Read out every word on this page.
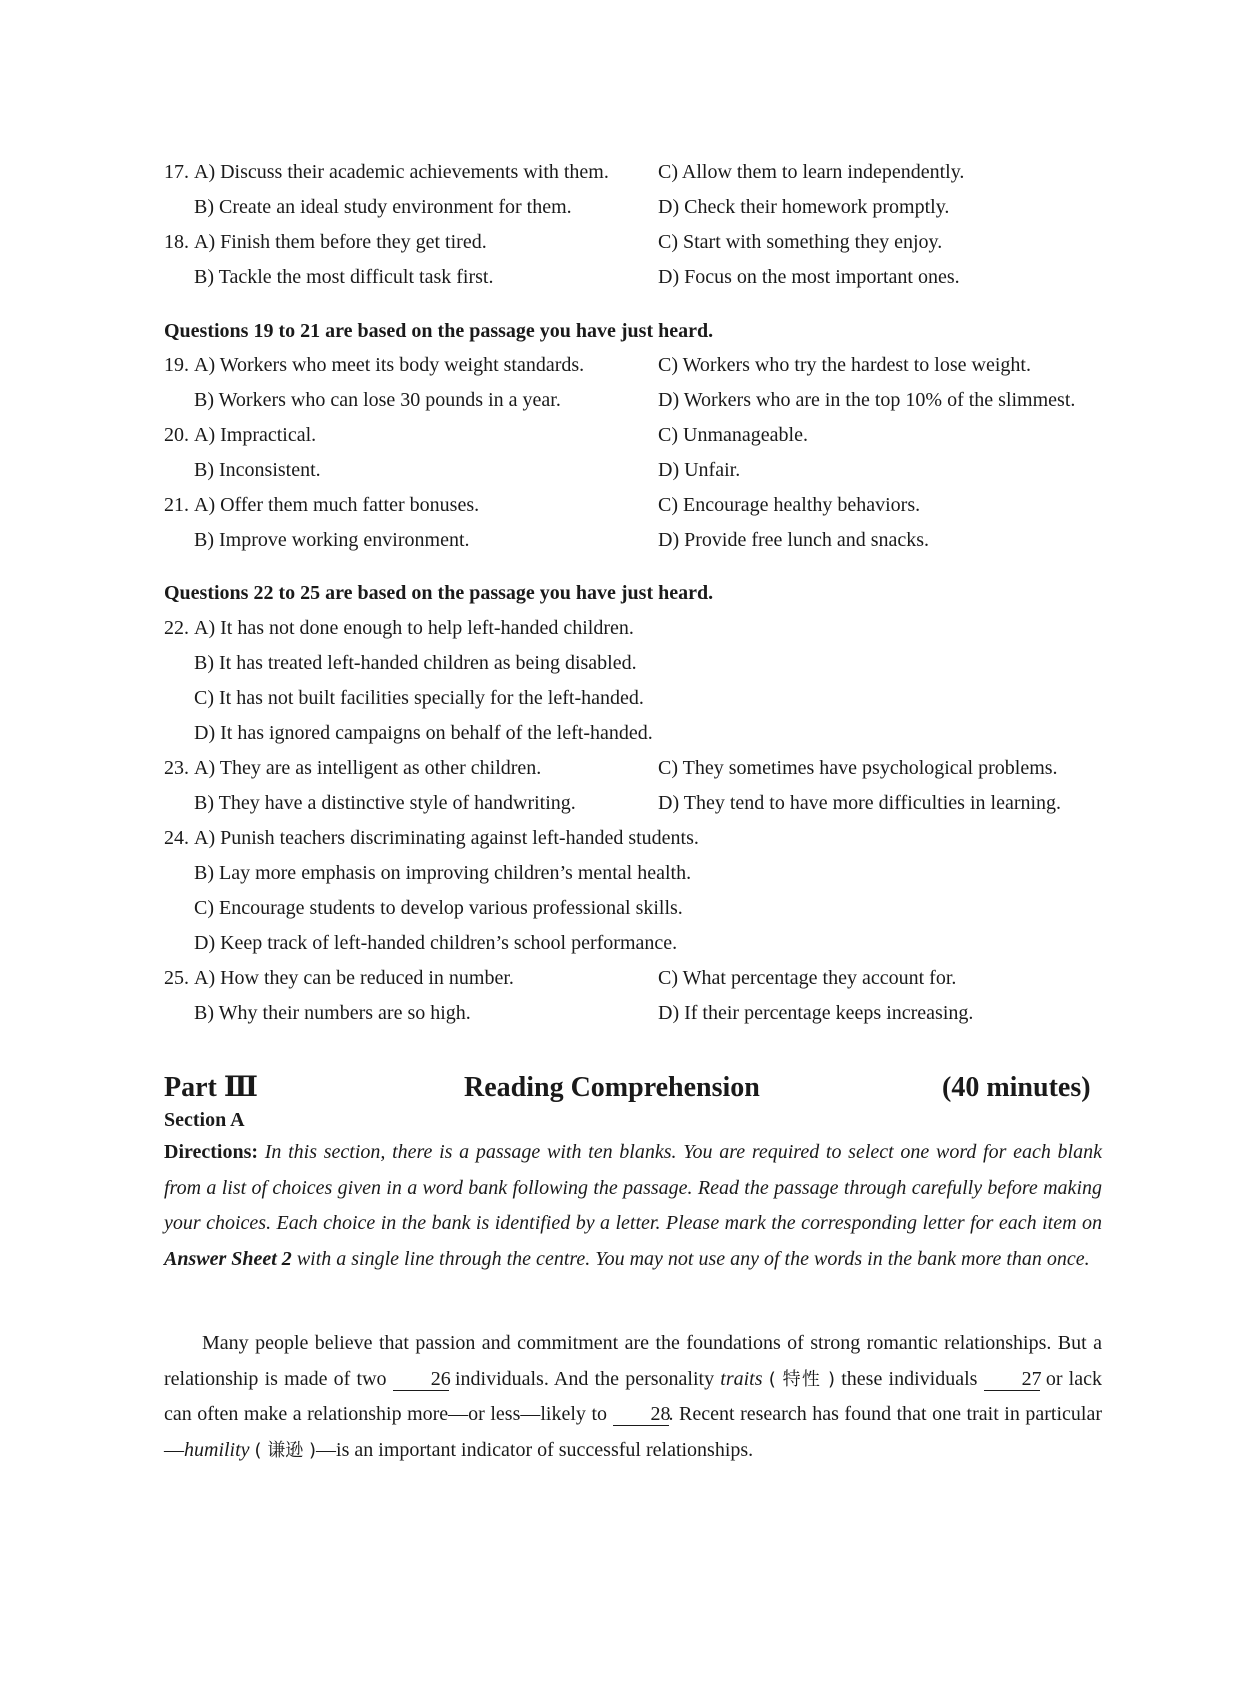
17. A) Discuss their academic achievements with them. C) Allow them to learn independently.
B) Create an ideal study environment for them.	D) Check their homework promptly.
18. A) Finish them before they get tired.	C) Start with something they enjoy.
B) Tackle the most difficult task first.	D) Focus on the most important ones.
Questions 19 to 21 are based on the passage you have just heard.
19. A) Workers who meet its body weight standards.	C) Workers who try the hardest to lose weight.
B) Workers who can lose 30 pounds in a year.	D) Workers who are in the top 10% of the slimmest.
20. A) Impractical.	C) Unmanageable.
B) Inconsistent.	D) Unfair.
21. A) Offer them much fatter bonuses.	C) Encourage healthy behaviors.
B) Improve working environment.	D) Provide free lunch and snacks.
Questions 22 to 25 are based on the passage you have just heard.
22. A) It has not done enough to help left-handed children.
B) It has treated left-handed children as being disabled.
C) It has not built facilities specially for the left-handed.
D) It has ignored campaigns on behalf of the left-handed.
23. A) They are as intelligent as other children.	C) They sometimes have psychological problems.
B) They have a distinctive style of handwriting.	D) They tend to have more difficulties in learning.
24. A) Punish teachers discriminating against left-handed students.
B) Lay more emphasis on improving children’s mental health.
C) Encourage students to develop various professional skills.
D) Keep track of left-handed children’s school performance.
25. A) How they can be reduced in number.	C) What percentage they account for.
B) Why their numbers are so high.	D) If their percentage keeps increasing.
Part Ⅲ	Reading Comprehension	(40 minutes)
Section A
Directions: In this section, there is a passage with ten blanks. You are required to select one word for each blank from a list of choices given in a word bank following the passage. Read the passage through carefully before making your choices. Each choice in the bank is identified by a letter. Please mark the corresponding letter for each item on Answer Sheet 2 with a single line through the centre. You may not use any of the words in the bank more than once.
Many people believe that passion and commitment are the foundations of strong romantic relationships. But a relationship is made of two 26 individuals. And the personality traits ( 特性 ) these individuals 27 or lack can often make a relationship more—or less—likely to 28. Recent research has found that one trait in particular—humility ( 谦逊 )—is an important indicator of successful relationships.
